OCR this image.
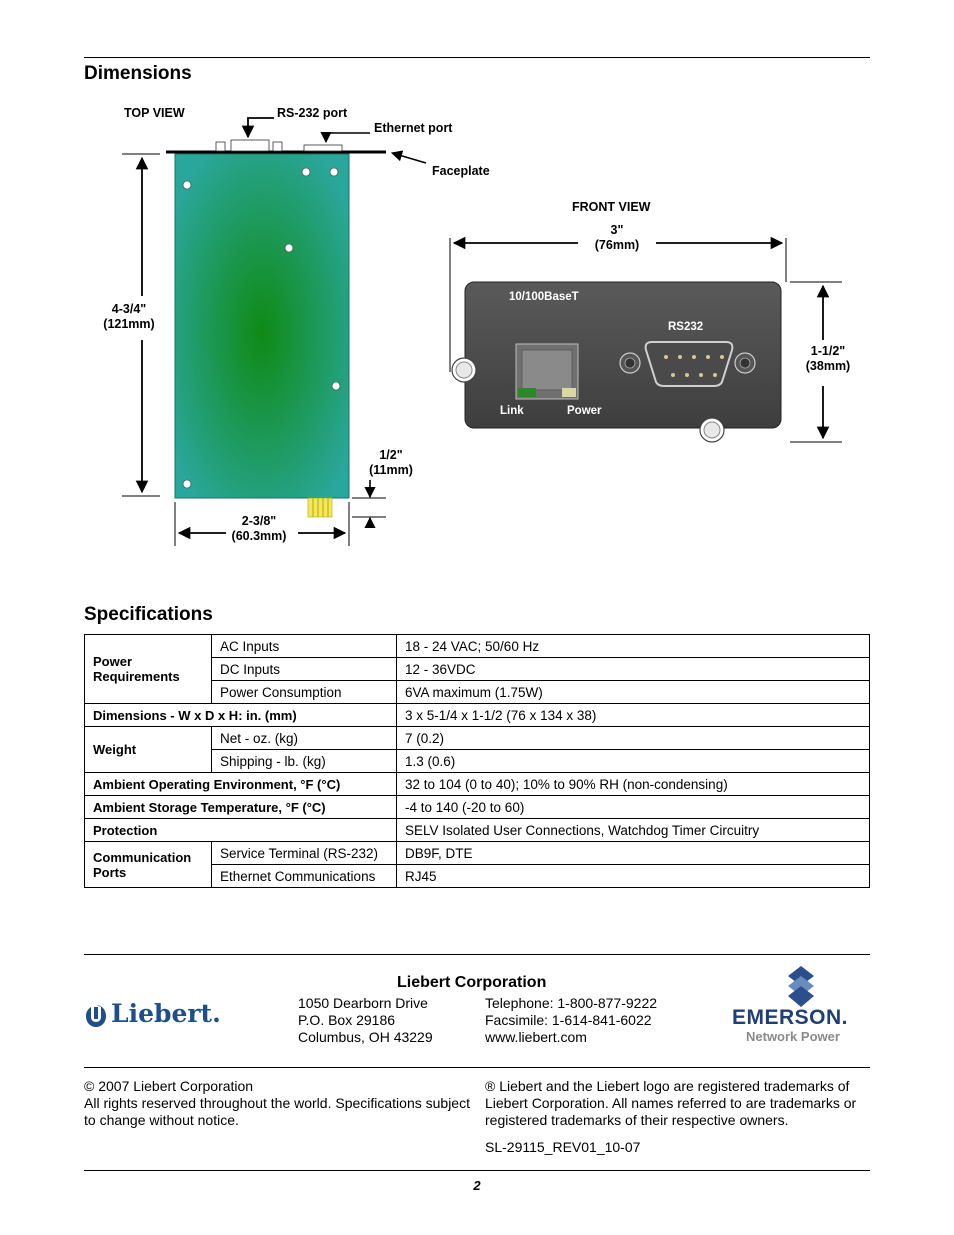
Dimensions
TOP VIEW	RS-232 port
Ethernet port
Faceplate
4-3/4"
(121mm)
1/2"
(11mm)
2-3/8"
(60.3mm)
FRONT VIEW
3"
(76mm)
1-1/2"
(38mm)
10/100BaseT
RS232
Link	Power
Specifications
Power Requirements	AC Inputs	18 - 24 VAC; 50/60 Hz
	DC Inputs	12 - 36VDC
	Power Consumption	6VA maximum (1.75W)
Dimensions - W x D x H: in. (mm)		3 x 5-1/4 x 1-1/2 (76 x 134 x 38)
Weight	Net - oz. (kg)	7 (0.2)
	Shipping - lb. (kg)	1.3 (0.6)
Ambient Operating Environment, °F (°C)		32 to 104 (0 to 40); 10% to 90% RH (non-condensing)
Ambient Storage Temperature, °F (°C)		-4 to 140 (-20 to 60)
Protection		SELV Isolated User Connections, Watchdog Timer Circuitry
Communication Ports	Service Terminal (RS-232)	DB9F, DTE
	Ethernet Communications	RJ45
Liebert.
Liebert Corporation
1050 Dearborn Drive
P.O. Box 29186
Columbus, OH 43229
Telephone: 1-800-877-9222
Facsimile: 1-614-841-6022
www.liebert.com
EMERSON.
Network Power
© 2007 Liebert Corporation
All rights reserved throughout the world. Specifications subject
to change without notice.
® Liebert and the Liebert logo are registered trademarks of
Liebert Corporation. All names referred to are trademarks or
registered trademarks of their respective owners.
SL-29115_REV01_10-07
2
